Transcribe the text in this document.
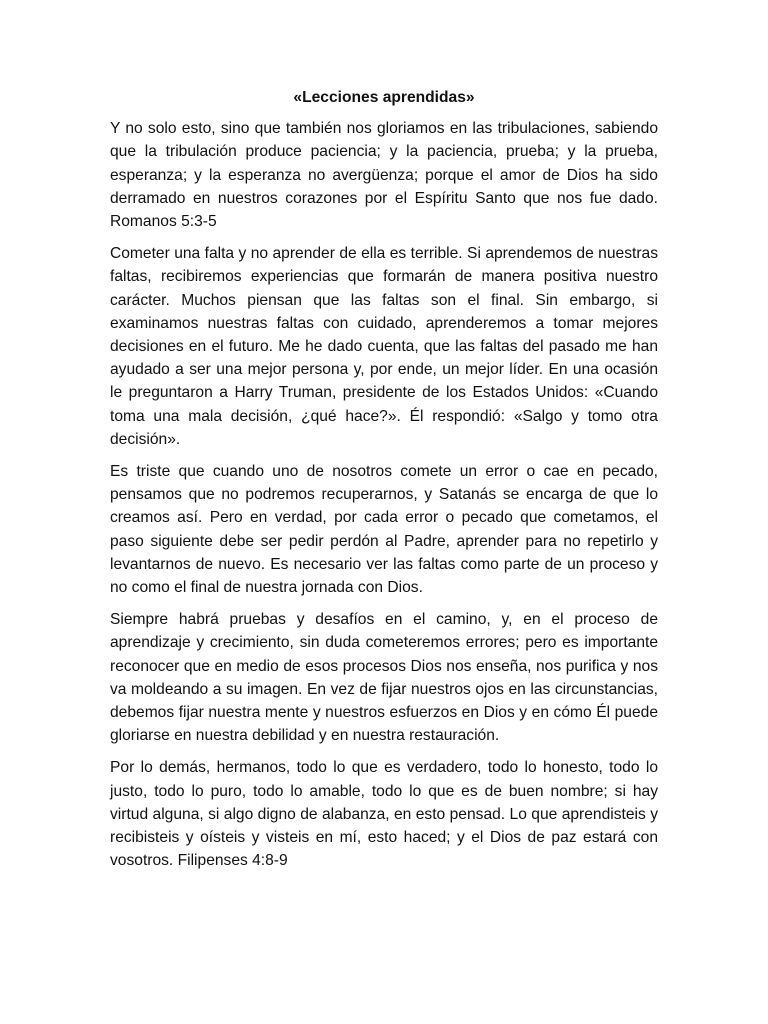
«Lecciones aprendidas»

Y no solo esto, sino que también nos gloriamos en las tribulaciones, sabiendo que la tribulación produce paciencia; y la paciencia, prueba; y la prueba, esperanza; y la esperanza no avergüenza; porque el amor de Dios ha sido derramado en nuestros corazones por el Espíritu Santo que nos fue dado. Romanos 5:3-5

Cometer una falta y no aprender de ella es terrible. Si aprendemos de nuestras faltas, recibiremos experiencias que formarán de manera positiva nuestro carácter. Muchos piensan que las faltas son el final. Sin embargo, si examinamos nuestras faltas con cuidado, aprenderemos a tomar mejores decisiones en el futuro. Me he dado cuenta, que las faltas del pasado me han ayudado a ser una mejor persona y, por ende, un mejor líder. En una ocasión le preguntaron a Harry Truman, presidente de los Estados Unidos: «Cuando toma una mala decisión, ¿qué hace?». Él respondió: «Salgo y tomo otra decisión».

Es triste que cuando uno de nosotros comete un error o cae en pecado, pensamos que no podremos recuperarnos, y Satanás se encarga de que lo creamos así. Pero en verdad, por cada error o pecado que cometamos, el paso siguiente debe ser pedir perdón al Padre, aprender para no repetirlo y levantarnos de nuevo. Es necesario ver las faltas como parte de un proceso y no como el final de nuestra jornada con Dios.

Siempre habrá pruebas y desafíos en el camino, y, en el proceso de aprendizaje y crecimiento, sin duda cometeremos errores; pero es importante reconocer que en medio de esos procesos Dios nos enseña, nos purifica y nos va moldeando a su imagen. En vez de fijar nuestros ojos en las circunstancias, debemos fijar nuestra mente y nuestros esfuerzos en Dios y en cómo Él puede gloriarse en nuestra debilidad y en nuestra restauración.

Por lo demás, hermanos, todo lo que es verdadero, todo lo honesto, todo lo justo, todo lo puro, todo lo amable, todo lo que es de buen nombre; si hay virtud alguna, si algo digno de alabanza, en esto pensad. Lo que aprendisteis y recibisteis y oísteis y visteis en mí, esto haced; y el Dios de paz estará con vosotros. Filipenses 4:8-9
